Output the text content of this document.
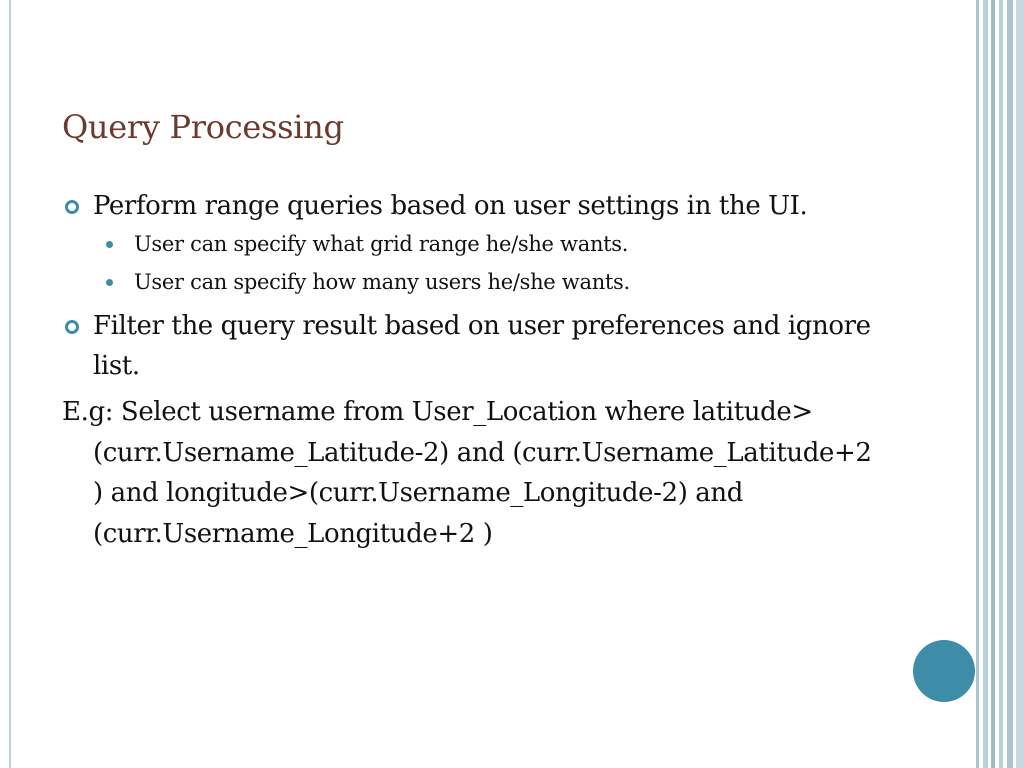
Query Processing
Perform range queries based on user settings in the UI.
User can specify what grid range he/she wants.
User can specify how many users he/she wants.
Filter the query result based on user preferences and ignore list.
E.g: Select username from User_Location where latitude>(curr.Username_Latitude-2) and (curr.Username_Latitude+2 ) and longitude>(curr.Username_Longitude-2) and (curr.Username_Longitude+2 )
